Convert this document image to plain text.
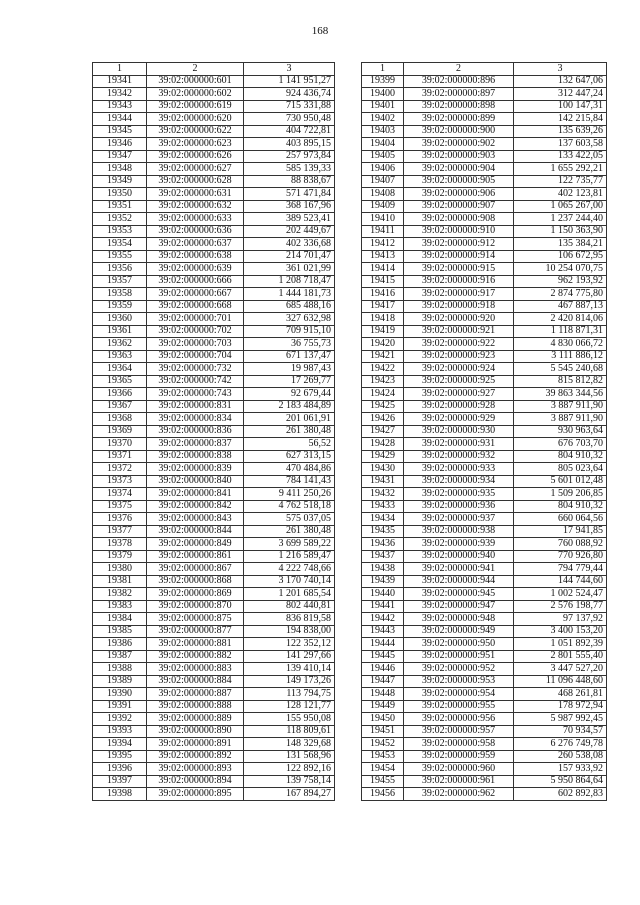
168
1	2	3
19341	39:02:000000:601	1 141 951,27
19342	39:02:000000:602	924 436,74
19343	39:02:000000:619	715 331,88
19344	39:02:000000:620	730 950,48
19345	39:02:000000:622	404 722,81
19346	39:02:000000:623	403 895,15
19347	39:02:000000:626	257 973,84
19348	39:02:000000:627	585 139,33
19349	39:02:000000:628	88 838,67
19350	39:02:000000:631	571 471,84
19351	39:02:000000:632	368 167,96
19352	39:02:000000:633	389 523,41
19353	39:02:000000:636	202 449,67
19354	39:02:000000:637	402 336,68
19355	39:02:000000:638	214 701,47
19356	39:02:000000:639	361 021,99
19357	39:02:000000:666	1 208 718,47
19358	39:02:000000:667	1 444 181,73
19359	39:02:000000:668	685 488,16
19360	39:02:000000:701	327 632,98
19361	39:02:000000:702	709 915,10
19362	39:02:000000:703	36 755,73
19363	39:02:000000:704	671 137,47
19364	39:02:000000:732	19 987,43
19365	39:02:000000:742	17 269,77
19366	39:02:000000:743	92 679,44
19367	39:02:000000:831	2 183 484,89
19368	39:02:000000:834	201 061,91
19369	39:02:000000:836	261 380,48
19370	39:02:000000:837	56,52
19371	39:02:000000:838	627 313,15
19372	39:02:000000:839	470 484,86
19373	39:02:000000:840	784 141,43
19374	39:02:000000:841	9 411 250,26
19375	39:02:000000:842	4 762 518,18
19376	39:02:000000:843	575 037,05
19377	39:02:000000:844	261 380,48
19378	39:02:000000:849	3 699 589,22
19379	39:02:000000:861	1 216 589,47
19380	39:02:000000:867	4 222 748,66
19381	39:02:000000:868	3 170 740,14
19382	39:02:000000:869	1 201 685,54
19383	39:02:000000:870	802 440,81
19384	39:02:000000:875	836 819,58
19385	39:02:000000:877	194 838,00
19386	39:02:000000:881	122 352,12
19387	39:02:000000:882	141 297,66
19388	39:02:000000:883	139 410,14
19389	39:02:000000:884	149 173,26
19390	39:02:000000:887	113 794,75
19391	39:02:000000:888	128 121,77
19392	39:02:000000:889	155 950,08
19393	39:02:000000:890	118 809,61
19394	39:02:000000:891	148 329,68
19395	39:02:000000:892	131 568,96
19396	39:02:000000:893	122 892,16
19397	39:02:000000:894	139 758,14
19398	39:02:000000:895	167 894,27
1	2	3
19399	39:02:000000:896	132 647,06
19400	39:02:000000:897	312 447,24
19401	39:02:000000:898	100 147,31
19402	39:02:000000:899	142 215,84
19403	39:02:000000:900	135 639,26
19404	39:02:000000:902	137 603,58
19405	39:02:000000:903	133 422,05
19406	39:02:000000:904	1 655 292,21
19407	39:02:000000:905	122 735,77
19408	39:02:000000:906	402 123,81
19409	39:02:000000:907	1 065 267,00
19410	39:02:000000:908	1 237 244,40
19411	39:02:000000:910	1 150 363,90
19412	39:02:000000:912	135 384,21
19413	39:02:000000:914	106 672,95
19414	39:02:000000:915	10 254 070,75
19415	39:02:000000:916	962 193,92
19416	39:02:000000:917	2 874 775,80
19417	39:02:000000:918	467 887,13
19418	39:02:000000:920	2 420 814,06
19419	39:02:000000:921	1 118 871,31
19420	39:02:000000:922	4 830 066,72
19421	39:02:000000:923	3 111 886,12
19422	39:02:000000:924	5 545 240,68
19423	39:02:000000:925	815 812,82
19424	39:02:000000:927	39 863 344,56
19425	39:02:000000:928	3 887 911,90
19426	39:02:000000:929	3 887 911,90
19427	39:02:000000:930	930 963,64
19428	39:02:000000:931	676 703,70
19429	39:02:000000:932	804 910,32
19430	39:02:000000:933	805 023,64
19431	39:02:000000:934	5 601 012,48
19432	39:02:000000:935	1 509 206,85
19433	39:02:000000:936	804 910,32
19434	39:02:000000:937	660 064,56
19435	39:02:000000:938	17 941,85
19436	39:02:000000:939	760 088,92
19437	39:02:000000:940	770 926,80
19438	39:02:000000:941	794 779,44
19439	39:02:000000:944	144 744,60
19440	39:02:000000:945	1 002 524,47
19441	39:02:000000:947	2 576 198,77
19442	39:02:000000:948	97 137,92
19443	39:02:000000:949	3 400 153,20
19444	39:02:000000:950	1 051 892,39
19445	39:02:000000:951	2 801 555,40
19446	39:02:000000:952	3 447 527,20
19447	39:02:000000:953	11 096 448,60
19448	39:02:000000:954	468 261,81
19449	39:02:000000:955	178 972,94
19450	39:02:000000:956	5 987 992,45
19451	39:02:000000:957	70 934,57
19452	39:02:000000:958	6 276 749,78
19453	39:02:000000:959	260 538,08
19454	39:02:000000:960	157 933,92
19455	39:02:000000:961	5 950 864,64
19456	39:02:000000:962	602 892,83
